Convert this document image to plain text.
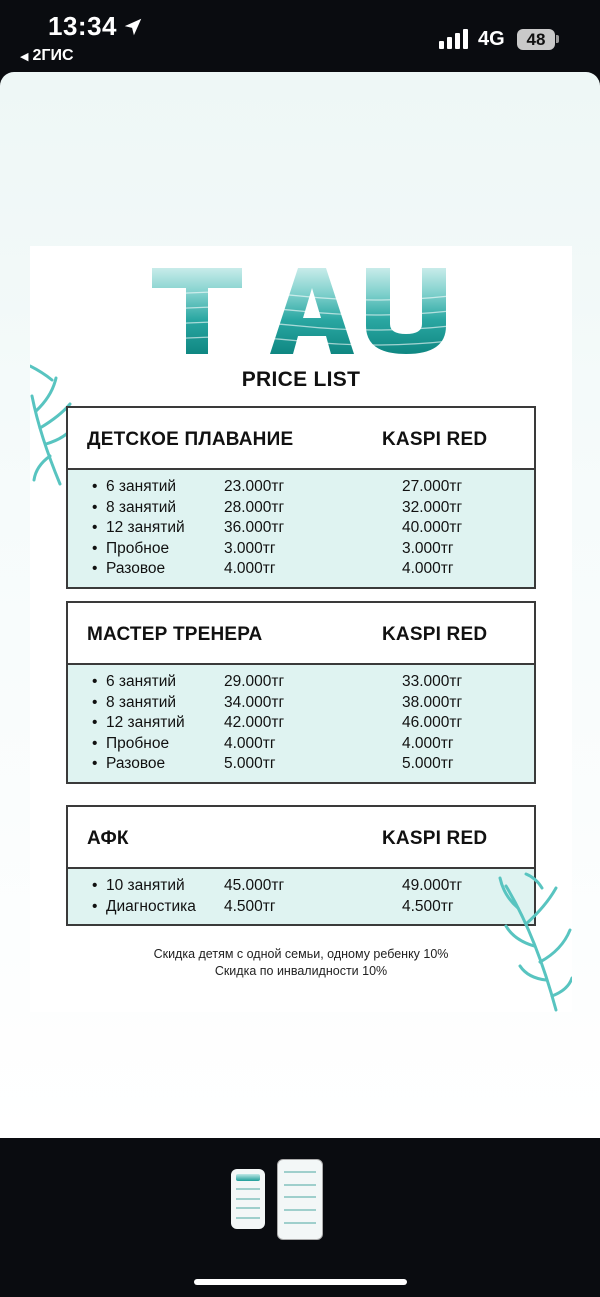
13:34
◀ 2ГИС
4G	48
PRICE LIST
ДЕТСКОЕ ПЛАВАНИЕ	KASPI RED
• 6 занятий	23.000тг	27.000тг
• 8 занятий	28.000тг	32.000тг
• 12 занятий	36.000тг	40.000тг
• Пробное	3.000тг	3.000тг
• Разовое	4.000тг	4.000тг
МАСТЕР ТРЕНЕРА	KASPI RED
• 6 занятий	29.000тг	33.000тг
• 8 занятий	34.000тг	38.000тг
• 12 занятий	42.000тг	46.000тг
• Пробное	4.000тг	4.000тг
• Разовое	5.000тг	5.000тг
АФК	KASPI RED
• 10 занятий	45.000тг	49.000тг
• Диагностика 4.500тг	4.500тг
Скидка детям с одной семьи, одному ребенку 10%
Скидка по инвалидности 10%
